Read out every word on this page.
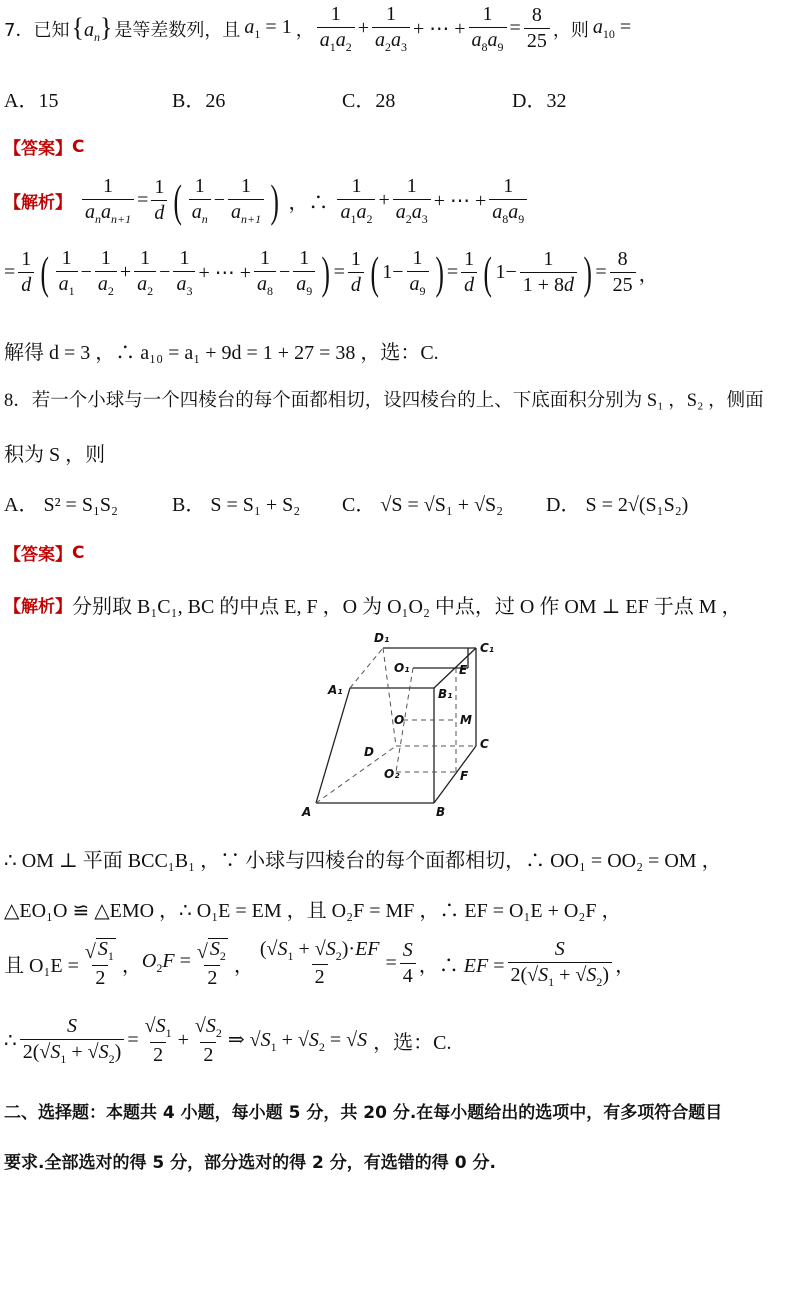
7．已知 $\{a_n\}$ 是等差数列，且 $a_1 = 1$ ， $\frac{1}{a_1a_2} + \frac{1}{a_2a_3}$ + ⋯ + $\frac{1}{a_8a_9} = \frac{8}{25}$ ，则 $a_{10}$ =
A．15	B．26	C．28	D．32
【答案】 C
【解析】 $\frac{1}{a_na_{n+1}} = \frac{1}{d}$ ( $\frac{1}{a_n} - \frac{1}{a_{n+1}}$ ) ，∴ $\frac{1}{a_1a_2} + \frac{1}{a_2a_3}$ + ⋯ + $\frac{1}{a_8a_9}$
= $\frac{1}{d}$ ( $\frac{1}{a_1} - \frac{1}{a_2} + \frac{1}{a_2} - \frac{1}{a_3}$ + ⋯ + $\frac{1}{a_8} - \frac{1}{a_9}$ ) = $\frac{1}{d}$ ( $1- \frac{1}{a_9}$ ) = $\frac{1}{d}$ ( $1- \frac{1}{1 + 8d}$ ) = $\frac{8}{25}$ ，
解得 d = 3 ，∴ a₁₀ = a₁ + 9d = 1 + 27 = 38 ，选：C.
8．若一个小球与一个四棱台的每个面都相切，设四棱台的上、下底面积分别为 S₁ ，S₂ ，侧面
积为 S ，则
A． S² = S₁S₂	B． S = S₁ + S₂ C． √S = √S₁ + √S₂ D． S = 2√(S₁S₂)
【答案】 C
【解析】 分别取 B₁C₁, BC 的中点 E, F ，O 为 O₁O₂ 中点，过 O 作 OM ⊥ EF 于点 M ，
D₁
C₁
O₁	E
A₁	B₁
O	M
D
C
O₂	F
A	B
∴ OM ⊥ 平面 BCC₁B₁ ，∵ 小球与四棱台的每个面都相切，∴ OO₁ = OO₂ = OM ，
△EO₁O ≌ △EMO ，∴ O₁E = EM ，且 O₂F = MF ，∴ EF = O₁E + O₂F ，
且 $O_1E = \frac{√ S_1}{2}$ ， $O_2F = \frac{√ S_2}{2}$ ， $\frac{(√S_1 + √S_2)\cdot EF}{2} = \frac{S}{4}$ ，∴ EF = $\frac{S}{2(√S_1 + √S_2)}$ ，
∴ $\frac{S}{2(√S_1 + √S_2)} = \frac{√S_1}{2} + \frac{√S_2}{2}$ ⇒ $√S_1 + √S_2 = √S$ ，选：C.
二、选择题：本题共 4 小题，每小题 5 分，共 20 分.在每小题给出的选项中，有多项符合题目
要求.全部选对的得 5 分，部分选对的得 2 分，有选错的得 0 分.
